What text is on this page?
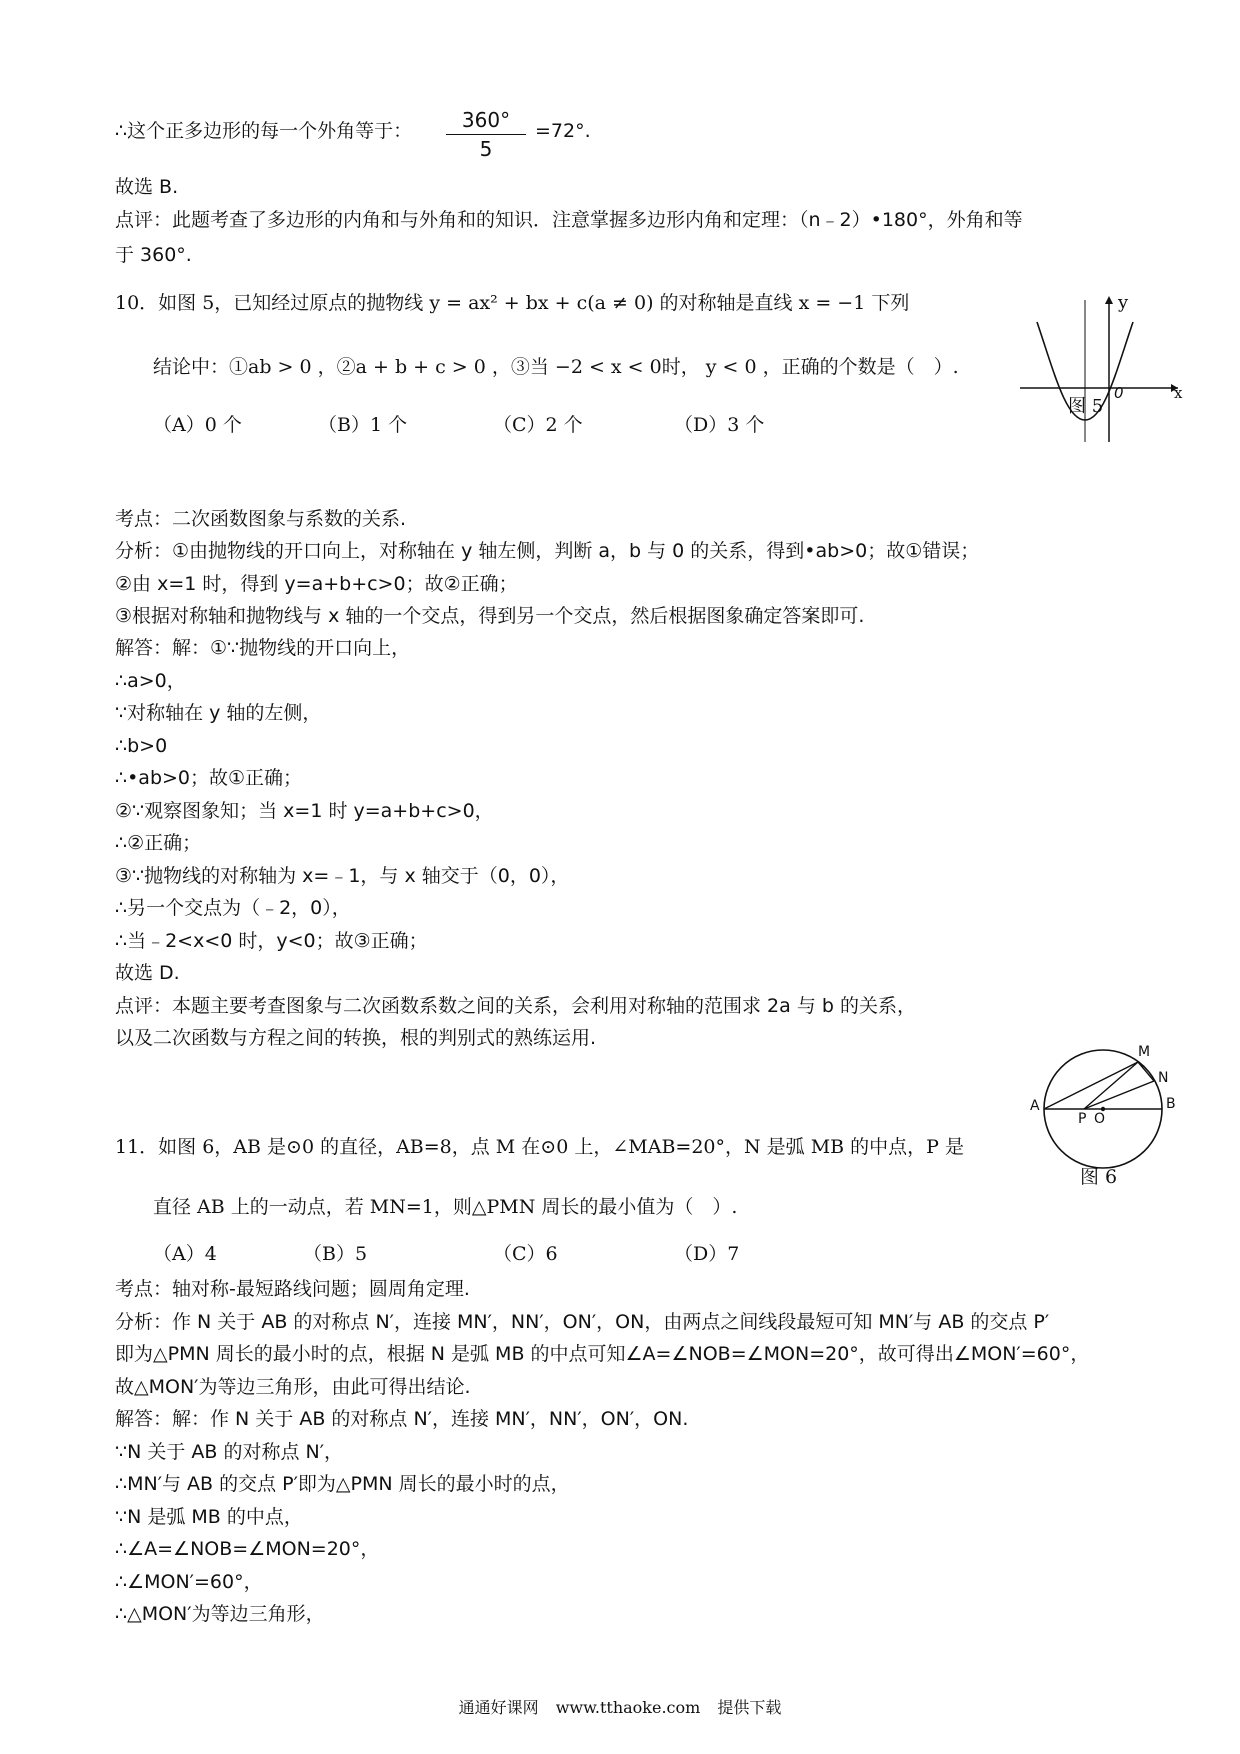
∴这个正多边形的每一个外角等于： $\frac{360^\circ}{5} =72^\circ$.
故选 B.
点评：此题考查了多边形的内角和与外角和的知识．注意掌握多边形内角和定理：（n﹣2）•180°，外角和等
于 360°.
10．如图 5，已知经过原点的抛物线 y = ax² + bx + c(a ≠ 0) 的对称轴是直线 x = −1 下列
结论中：①ab > 0 ，②a + b + c > 0 ，③当 −2 < x < 0时， y < 0 ，正确的个数是（　）.
（A）0 个	（B）1 个	（C）2 个	（D）3 个
y
x
0
图 5
考点：二次函数图象与系数的关系.
分析：①由抛物线的开口向上，对称轴在 y 轴左侧，判断 a，b 与 0 的关系，得到•ab>0；故①错误；
②由 x=1 时，得到 y=a+b+c>0；故②正确；
③根据对称轴和抛物线与 x 轴的一个交点，得到另一个交点，然后根据图象确定答案即可.
解答：解：①∵抛物线的开口向上，
∴a>0，
∵对称轴在 y 轴的左侧，
∴b>0
∴•ab>0；故①正确；
②∵观察图象知；当 x=1 时 y=a+b+c>0，
∴②正确；
③∵抛物线的对称轴为 x=﹣1，与 x 轴交于（0，0），
∴另一个交点为（﹣2，0），
∴当﹣2<x<0 时，y<0；故③正确；
故选 D.
点评：本题主要考查图象与二次函数系数之间的关系，会利用对称轴的范围求 2a 与 b 的关系，
以及二次函数与方程之间的转换，根的判别式的熟练运用.
A	B
M
N
P O
图 6
11．如图 6，AB 是⊙0 的直径，AB=8，点 M 在⊙0 上，∠MAB=20°，N 是弧 MB 的中点，P 是
直径 AB 上的一动点，若 MN=1，则△PMN 周长的最小值为（　）.
（A）4	（B）5	（C）6	（D）7
考点：轴对称-最短路线问题；圆周角定理.
分析：作 N 关于 AB 的对称点 N′，连接 MN′，NN′，ON′，ON，由两点之间线段最短可知 MN′与 AB 的交点 P′
即为△PMN 周长的最小时的点，根据 N 是弧 MB 的中点可知∠A=∠NOB=∠MON=20°，故可得出∠MON′=60°，
故△MON′为等边三角形，由此可得出结论.
解答：解：作 N 关于 AB 的对称点 N′，连接 MN′，NN′，ON′，ON.
∵N 关于 AB 的对称点 N′，
∴MN′与 AB 的交点 P′即为△PMN 周长的最小时的点，
∵N 是弧 MB 的中点，
∴∠A=∠NOB=∠MON=20°，
∴∠MON′=60°，
∴△MON′为等边三角形，
通通好课网 www.tthaoke.com 提供下载
